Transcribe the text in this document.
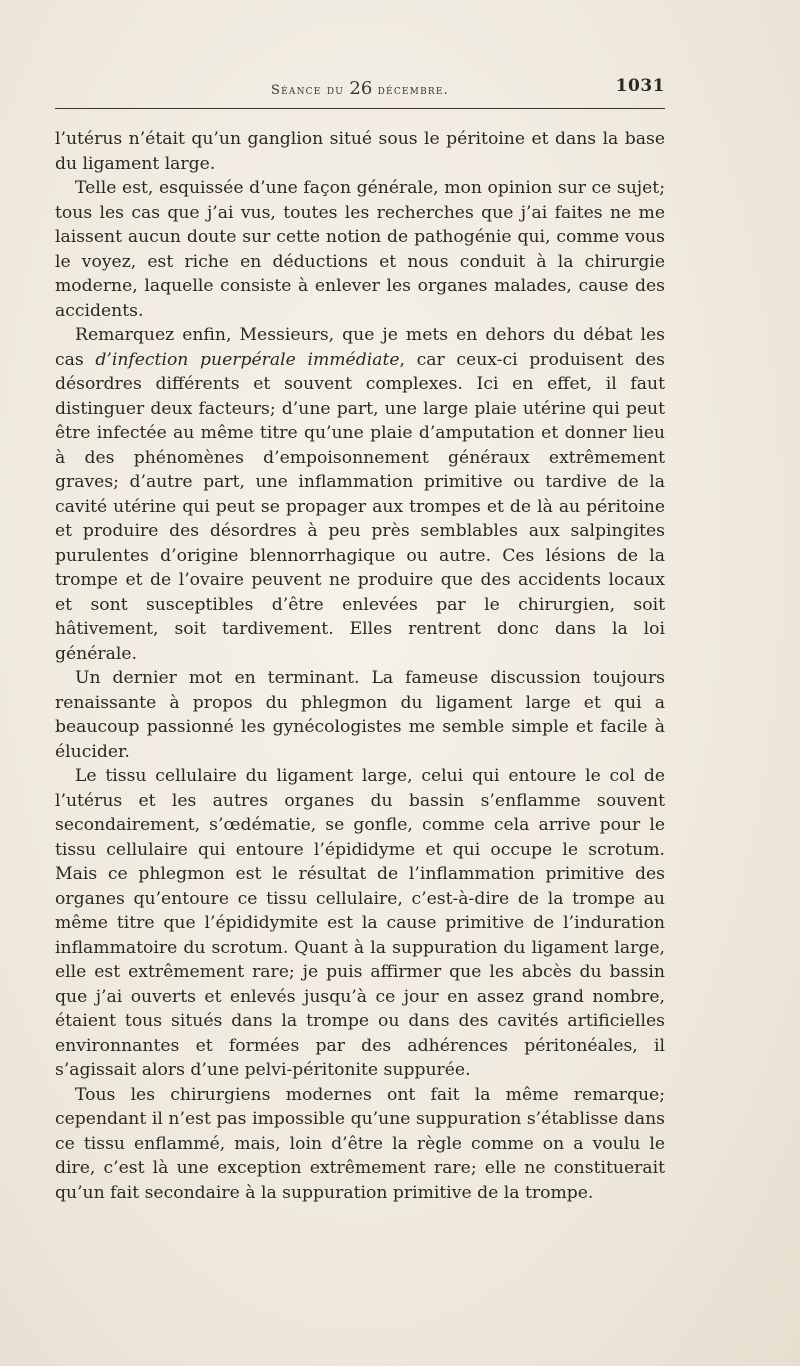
Séance du 26 décembre.	1031

l’utérus n’était qu’un ganglion situé sous le péritoine et dans la base du ligament large.

Telle est, esquissée d’une façon générale, mon opinion sur ce sujet; tous les cas que j’ai vus, toutes les recherches que j’ai faites ne me laissent aucun doute sur cette notion de pathogénie qui, comme vous le voyez, est riche en déductions et nous conduit à la chirurgie moderne, laquelle consiste à enlever les organes malades, cause des accidents.

Remarquez enfin, Messieurs, que je mets en dehors du débat les cas d’infection puerpérale immédiate, car ceux-ci produisent des désordres différents et souvent complexes. Ici en effet, il faut distinguer deux facteurs; d’une part, une large plaie utérine qui peut être infectée au même titre qu’une plaie d’amputation et donner lieu à des phénomènes d’empoisonnement généraux extrêmement graves; d’autre part, une inflammation primitive ou tardive de la cavité utérine qui peut se propager aux trompes et de là au péritoine et produire des désordres à peu près semblables aux salpingites purulentes d’origine blennorrhagique ou autre. Ces lésions de la trompe et de l’ovaire peuvent ne produire que des accidents locaux et sont susceptibles d’être enlevées par le chirurgien, soit hâtivement, soit tardivement. Elles rentrent donc dans la loi générale.

Un dernier mot en terminant. La fameuse discussion toujours renaissante à propos du phlegmon du ligament large et qui a beaucoup passionné les gynécologistes me semble simple et facile à élucider.

Le tissu cellulaire du ligament large, celui qui entoure le col de l’utérus et les autres organes du bassin s’enflamme souvent secondairement, s’œdématie, se gonfle, comme cela arrive pour le tissu cellulaire qui entoure l’épididyme et qui occupe le scrotum. Mais ce phlegmon est le résultat de l’inflammation primitive des organes qu’entoure ce tissu cellulaire, c’est-à-dire de la trompe au même titre que l’épididymite est la cause primitive de l’induration inflammatoire du scrotum. Quant à la suppuration du ligament large, elle est extrêmement rare; je puis affirmer que les abcès du bassin que j’ai ouverts et enlevés jusqu’à ce jour en assez grand nombre, étaient tous situés dans la trompe ou dans des cavités artificielles environnantes et formées par des adhérences péritonéales, il s’agissait alors d’une pelvi-péritonite suppurée.

Tous les chirurgiens modernes ont fait la même remarque; cependant il n’est pas impossible qu’une suppuration s’établisse dans ce tissu enflammé, mais, loin d’être la règle comme on a voulu le dire, c’est là une exception extrêmement rare; elle ne constituerait qu’un fait secondaire à la suppuration primitive de la trompe.
